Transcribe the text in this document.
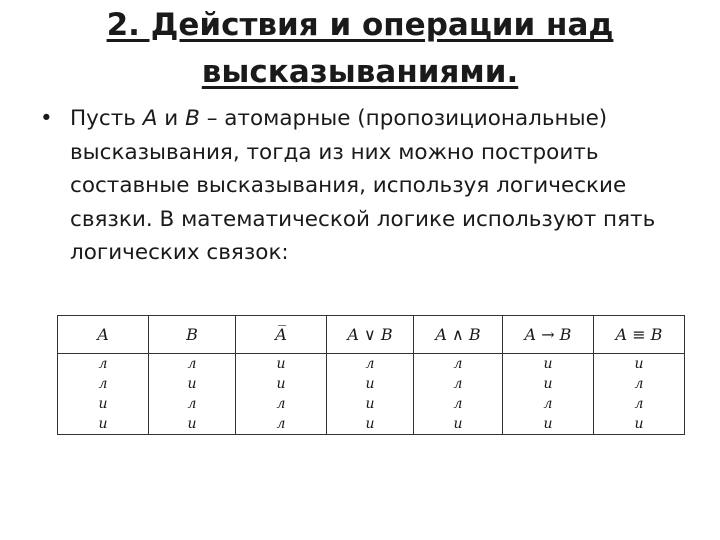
2. Действия и операции над
высказываниями.
• Пусть А и В – атомарные (пропозициональные) высказывания, тогда из них можно построить составные высказывания, используя логические связки. В математической логике используют пять логических связок:
A	B	A̅	A ∨ B	A ∧ B	A → B	A ≡ B
л	л	и	л	л	и	и
л	и	и	и	л	и	л
и	л	л	и	л	л	л
и	и	л	и	и	и	и
